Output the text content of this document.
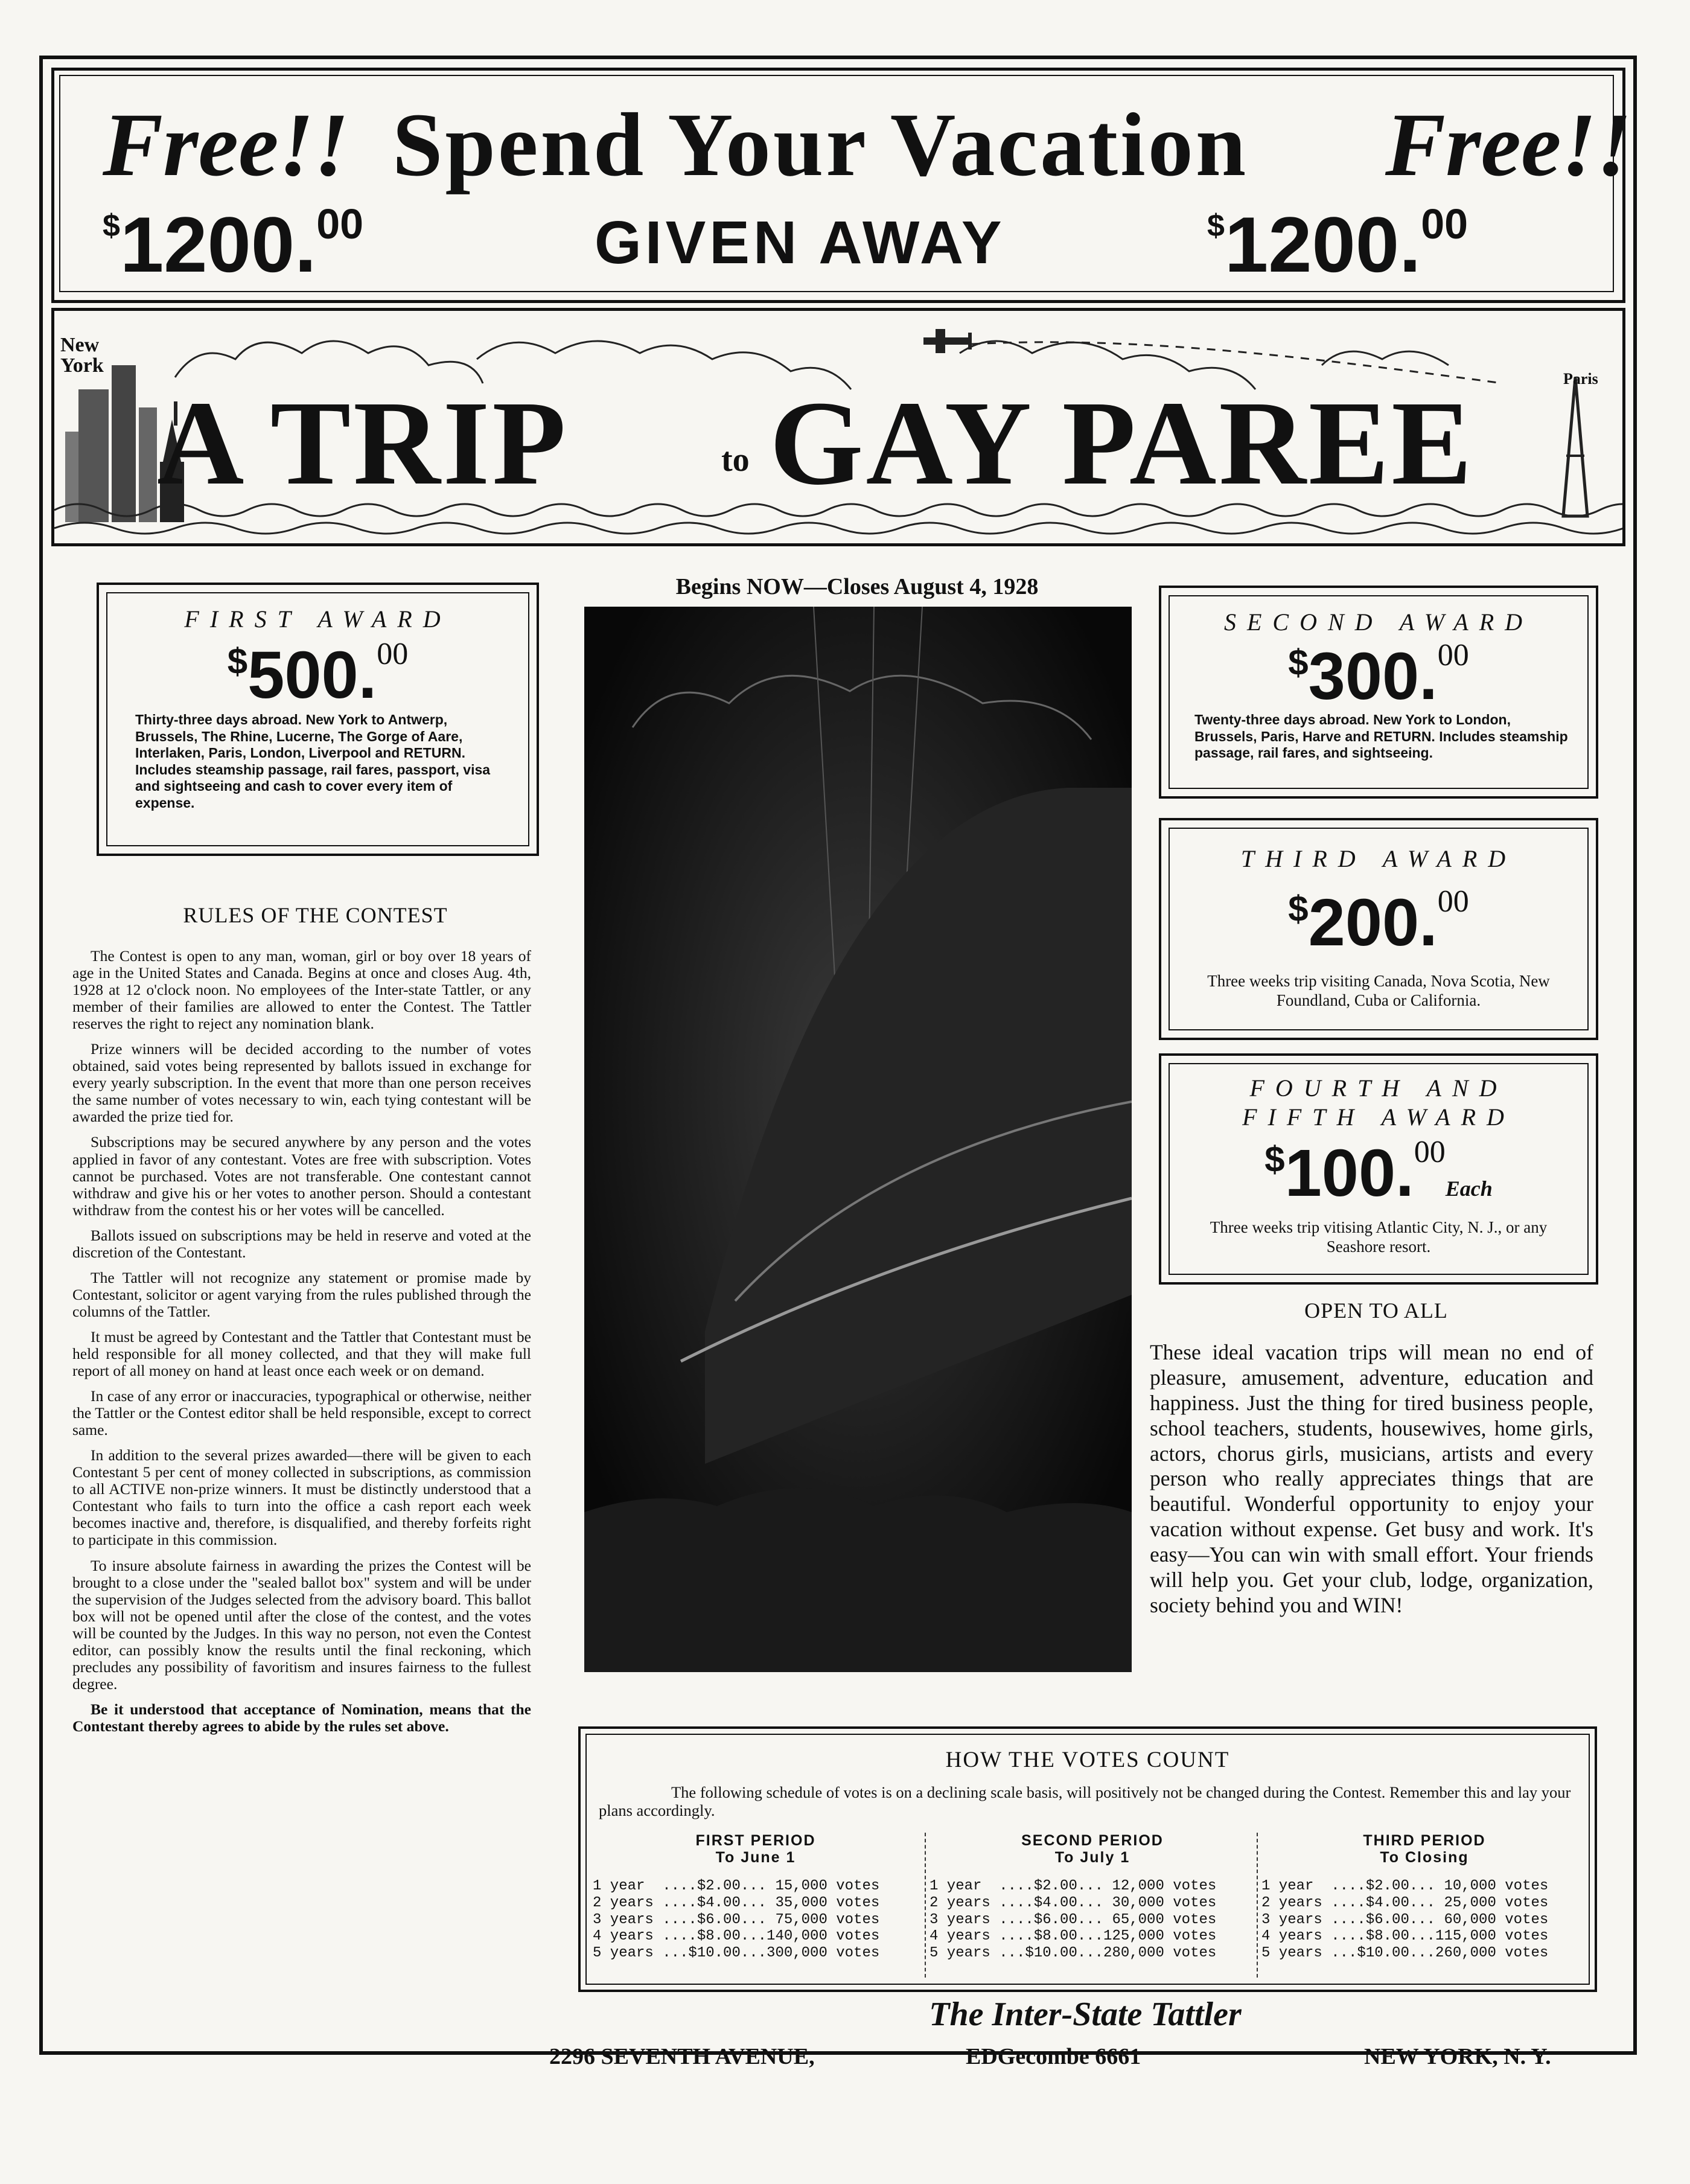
Free!! Spend Your Vacation Free!!
$1200.00	GIVEN AWAY	$1200.00
New York
Paris
A TRIP	to GAY PAREE
FIRST AWARD
$500.00
Thirty-three days abroad. New York to Antwerp, Brussels, The Rhine, Lucerne, The Gorge of Aare, Interlaken, Paris, London, Liverpool and RETURN. Includes steamship passage, rail fares, passport, visa and sightseeing and cash to cover every item of expense.
RULES OF THE CONTEST

The Contest is open to any man, woman, girl or boy over 18 years of age in the United States and Canada. Begins at once and closes Aug. 4th, 1928 at 12 o'clock noon. No employees of the Inter-state Tattler, or any member of their families are allowed to enter the Contest. The Tattler reserves the right to reject any nomination blank.

Prize winners will be decided according to the number of votes obtained, said votes being represented by ballots issued in exchange for every yearly subscription. In the event that more than one person receives the same number of votes necessary to win, each tying contestant will be awarded the prize tied for.

Subscriptions may be secured anywhere by any person and the votes applied in favor of any contestant. Votes are free with subscription. Votes cannot be purchased. Votes are not transferable. One contestant cannot withdraw and give his or her votes to another person. Should a contestant withdraw from the contest his or her votes will be cancelled.

Ballots issued on subscriptions may be held in reserve and voted at the discretion of the Contestant.

The Tattler will not recognize any statement or promise made by Contestant, solicitor or agent varying from the rules published through the columns of the Tattler.

It must be agreed by Contestant and the Tattler that Contestant must be held responsible for all money collected, and that they will make full report of all money on hand at least once each week or on demand.

In case of any error or inaccuracies, typographical or otherwise, neither the Tattler or the Contest editor shall be held responsible, except to correct same.

In addition to the several prizes awarded—there will be given to each Contestant 5 per cent of money collected in subscriptions, as commission to all ACTIVE non-prize winners. It must be distinctly understood that a Contestant who fails to turn into the office a cash report each week becomes inactive and, therefore, is disqualified, and thereby forfeits right to participate in this commission.

To insure absolute fairness in awarding the prizes the Contest will be brought to a close under the "sealed ballot box" system and will be under the supervision of the Judges selected from the advisory board. This ballot box will not be opened until after the close of the contest, and the votes will be counted by the Judges. In this way no person, not even the Contest editor, can possibly know the results until the final reckoning, which precludes any possibility of favoritism and insures fairness to the fullest degree.

Be it understood that acceptance of Nomination, means that the Contestant thereby agrees to abide by the rules set above.

Begins NOW—Closes August 4, 1928
SECOND AWARD
$300.00
Twenty-three days abroad. New York to London, Brussels, Paris, Harve and RETURN. Includes steamship passage, rail fares, and sightseeing.
THIRD AWARD
$200.00
Three weeks trip visiting Canada, Nova Scotia, New Foundland, Cuba or California.
FOURTH AND
FIFTH AWARD
$100.00Each
Three weeks trip vitising Atlantic City, N. J., or any Seashore resort.
OPEN TO ALL
These ideal vacation trips will mean no end of pleasure, amusement, adventure, education and happiness. Just the thing for tired business people, school teachers, students, housewives, home girls, actors, chorus girls, musicians, artists and every person who really appreciates things that are beautiful. Wonderful opportunity to enjoy your vacation without expense. Get busy and work. It's easy—You can win with small effort. Your friends will help you. Get your club, lodge, organization, society behind you and WIN!
HOW THE VOTES COUNT
The following schedule of votes is on a declining scale basis, will positively not be changed during the Contest. Remember this and lay your plans accordingly.
FIRST PERIOD
To June 1
1 year  ....$2.00... 15,000 votes
2 years ....$4.00... 35,000 votes
3 years ....$6.00... 75,000 votes
4 years ....$8.00...140,000 votes
5 years ...$10.00...300,000 votes
SECOND PERIOD
To July 1
1 year  ....$2.00... 12,000 votes
2 years ....$4.00... 30,000 votes
3 years ....$6.00... 65,000 votes
4 years ....$8.00...125,000 votes
5 years ...$10.00...280,000 votes
THIRD PERIOD
To Closing
1 year  ....$2.00... 10,000 votes
2 years ....$4.00... 25,000 votes
3 years ....$6.00... 60,000 votes
4 years ....$8.00...115,000 votes
5 years ...$10.00...260,000 votes
The Inter-State Tattler
2296 SEVENTH AVENUE,	EDGecombe 6661	NEW YORK, N. Y.
